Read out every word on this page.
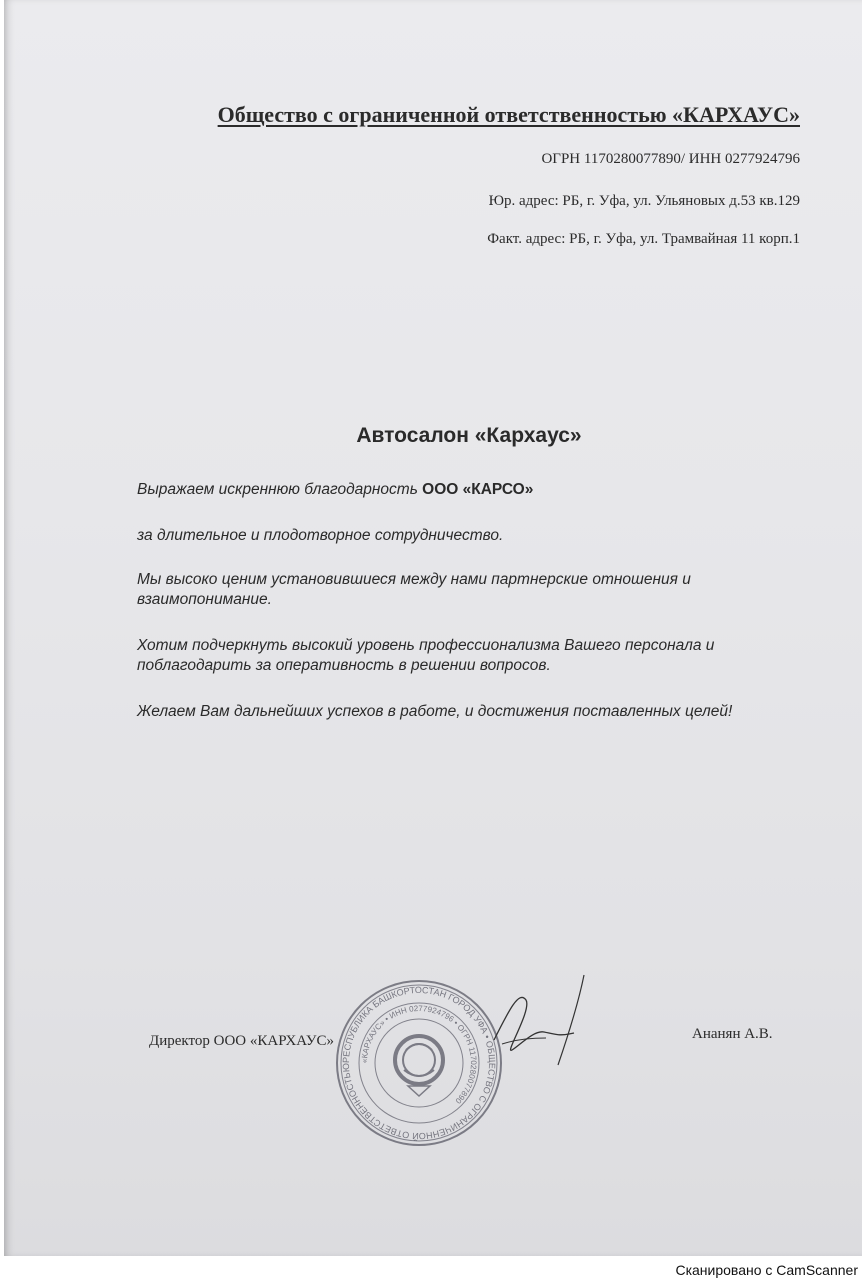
Общество с ограниченной ответственностью «КАРХАУС»
ОГРН 1170280077890/ ИНН 0277924796
Юр. адрес: РБ, г. Уфа, ул. Ульяновых д.53 кв.129
Факт. адрес: РБ, г. Уфа, ул. Трамвайная 11 корп.1
Автосалон «Кархаус»
Выражаем искреннюю благодарность ООО «КАРСО»
за длительное и плодотворное сотрудничество.
Мы высоко ценим установившиеся между нами партнерские отношения и взаимопонимание.
Хотим подчеркнуть высокий уровень профессионализма Вашего персонала и поблагодарить за оперативность в решении вопросов.
Желаем Вам дальнейших успехов в работе, и достижения поставленных целей!
Директор ООО «КАРХАУС»	Ананян А.В.
РЕСПУБЛИКА БАШКОРТОСТАН ГОРОД УФА • ОБЩЕСТВО С ОГРАНИЧЕННОЙ ОТВЕТСТВЕННОСТЬЮ
«КАРХАУС» • ИНН 0277924796 • ОГРН 1170280077890
Сканировано с CamScanner
